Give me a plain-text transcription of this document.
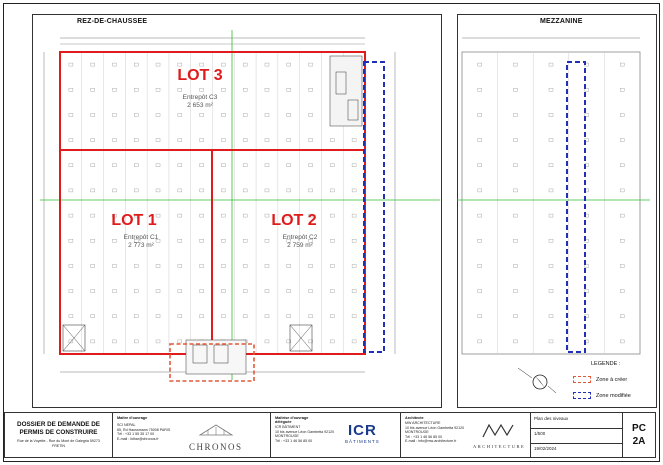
REZ-DE-CHAUSSEE	MEZZANINE
LOT 3
Entrepôt C3
2 653 m²
LOT 1
Entrepôt C1
2 773 m²
LOT 2
Entrepôt C2
2 759 m²
LEGENDE :
Zone à créer
Zone modifiée
DOSSIER DE DEMANDE DE
PERMIS DE CONSTRUIRE
Rue de la Voyette - Rue du Mont de Galegria 59273 FRETIN
Maître d'ouvrage
SCI NEPAL
85, Rd Haussmann 75008 PARIS
Tél : +33 1 55 35 17 00
E-mail : lidhar@chronos.fr
CHRONOS
Maîtrise d'ouvrage déléguée
ICR BÂTIMENT
10 bis avenue Léon Gambetta 92120 MONTROUGE
Tél : +33 1 46 56 85 00
ICR
BÂTIMENTS
Architecte
MW ARCHITECTURE
10 bis avenue Léon Gambetta 92120 MONTROUGE
Tél : +33 1 46 56 85 00
E-mail : info@mw-architecture.fr
ARCHITECTURE
Plan des niveaux
1/500
19/02/2024
PC
2A
